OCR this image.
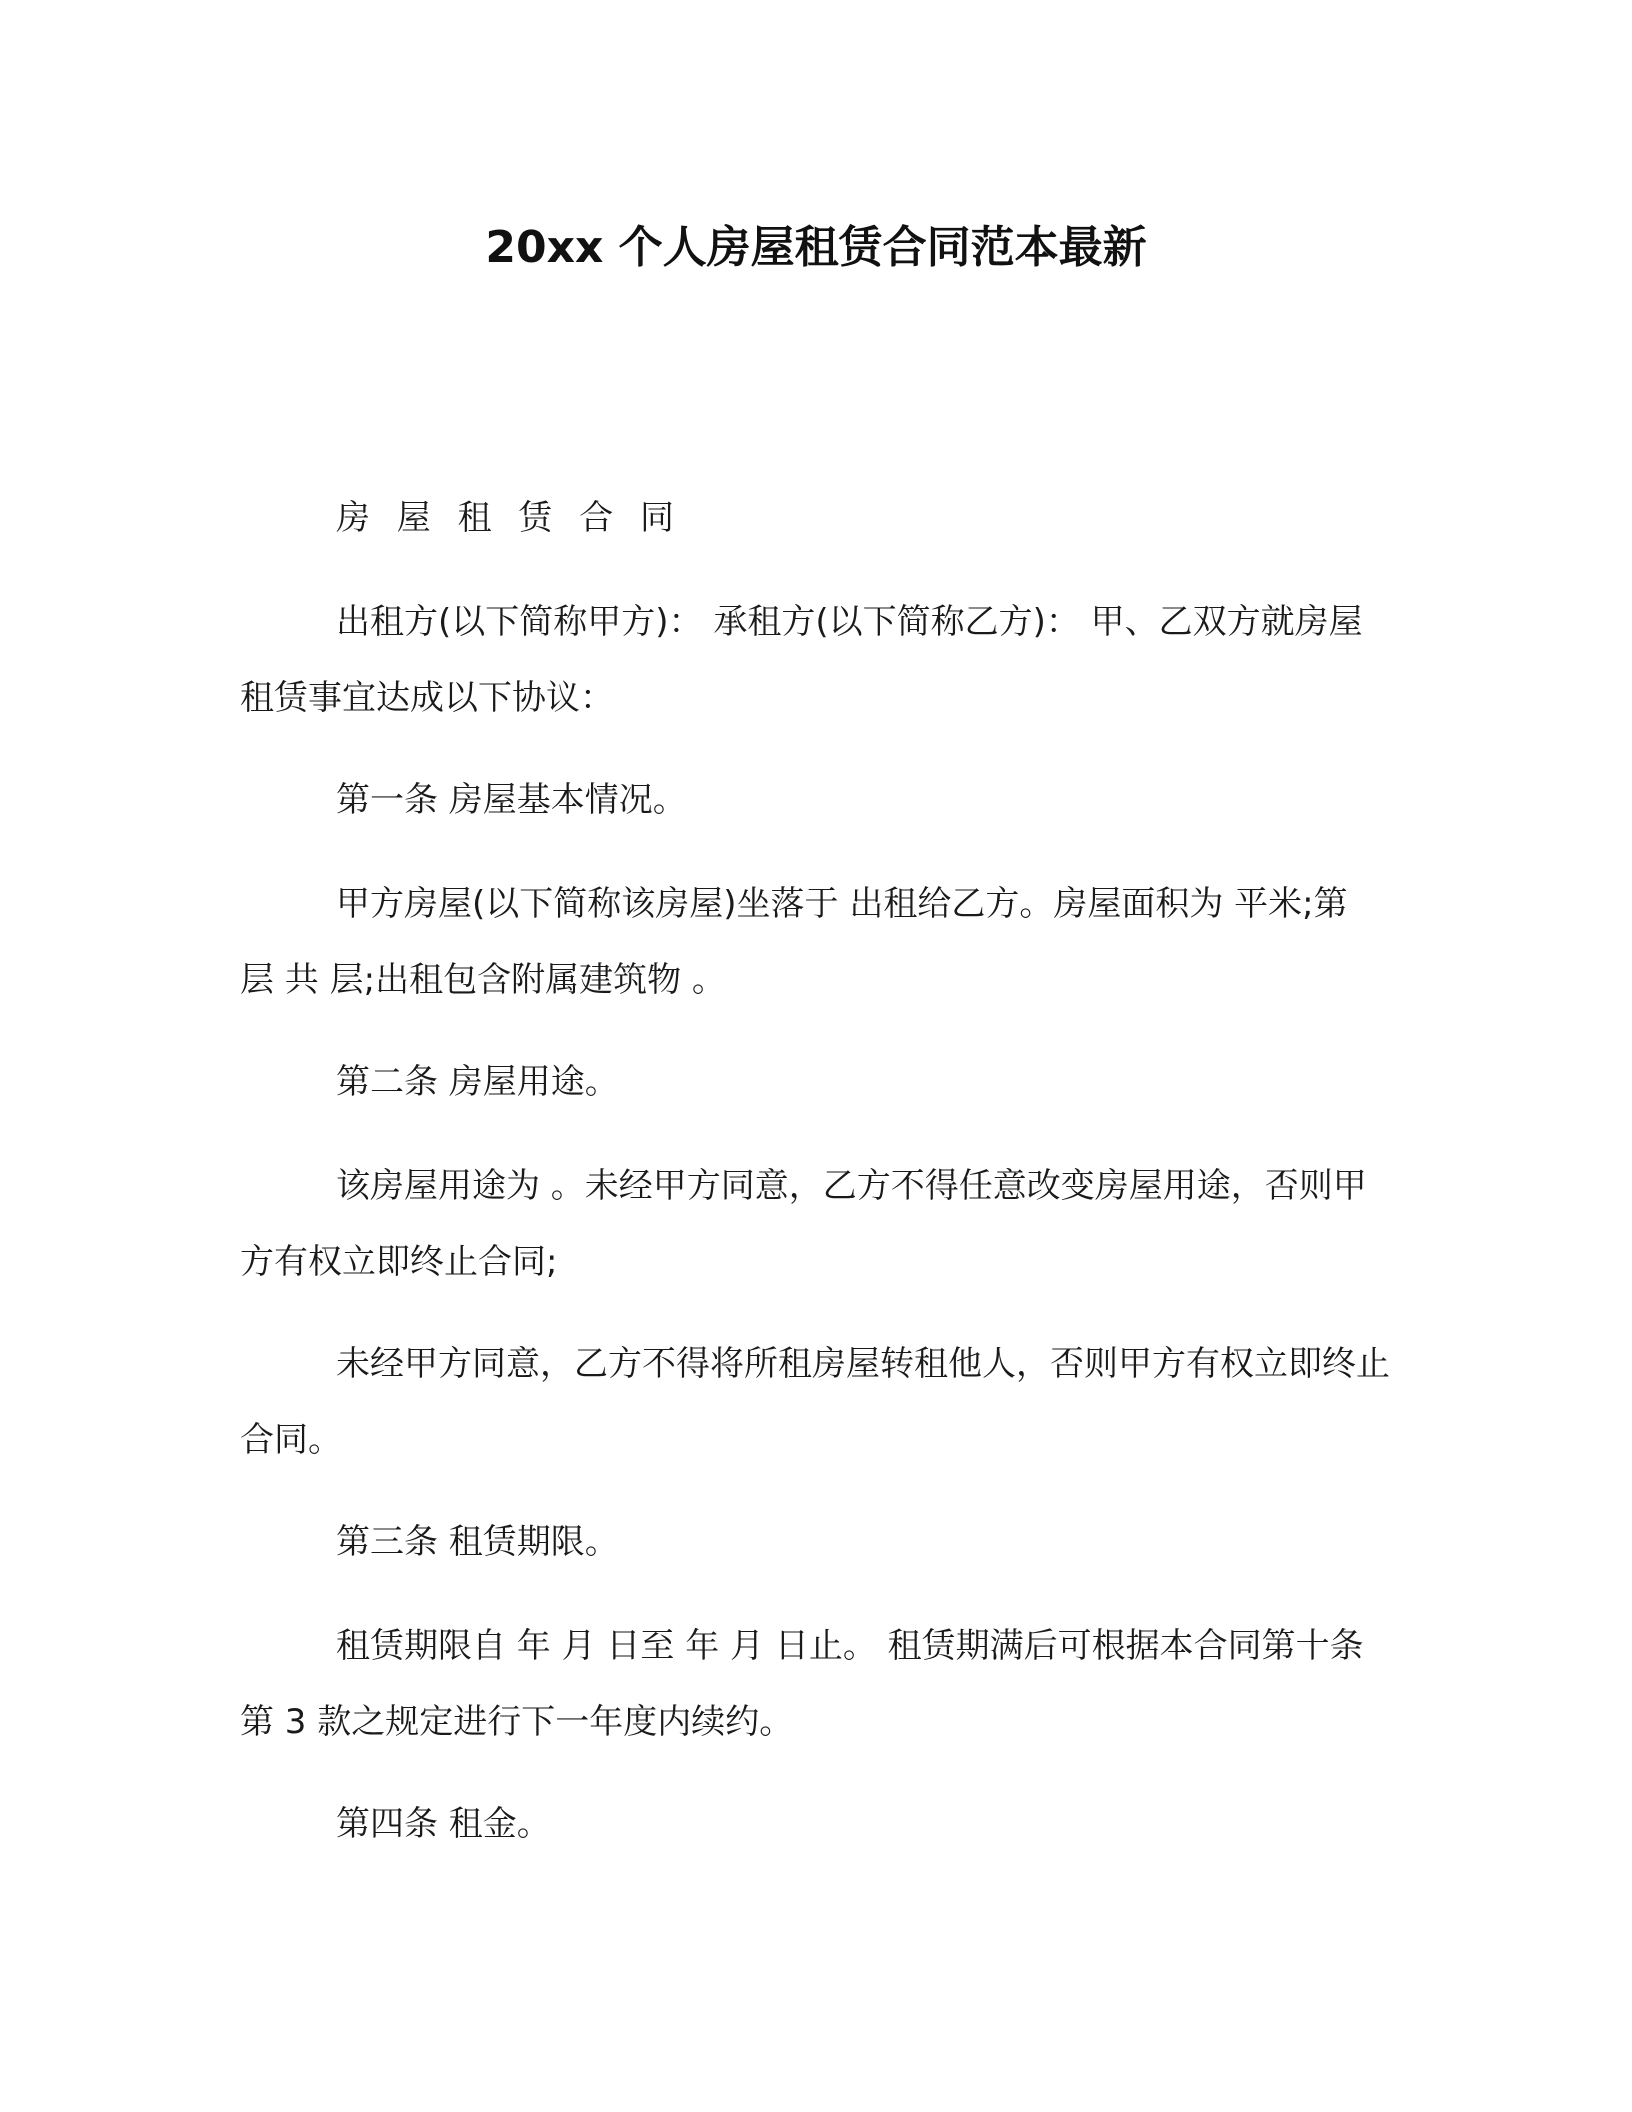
20xx 个人房屋租赁合同范本最新

房 屋 租 赁 合 同

出租方(以下简称甲方)： 承租方(以下简称乙方)： 甲、乙双方就房屋租赁事宜达成以下协议：

第一条 房屋基本情况。

甲方房屋(以下简称该房屋)坐落于 出租给乙方。房屋面积为 平米;第 层 共 层;出租包含附属建筑物 。

第二条 房屋用途。

该房屋用途为 。未经甲方同意，乙方不得任意改变房屋用途，否则甲方有权立即终止合同;

未经甲方同意，乙方不得将所租房屋转租他人，否则甲方有权立即终止合同。

第三条 租赁期限。

租赁期限自 年 月 日至 年 月 日止。 租赁期满后可根据本合同第十条第 3 款之规定进行下一年度内续约。

第四条 租金。
